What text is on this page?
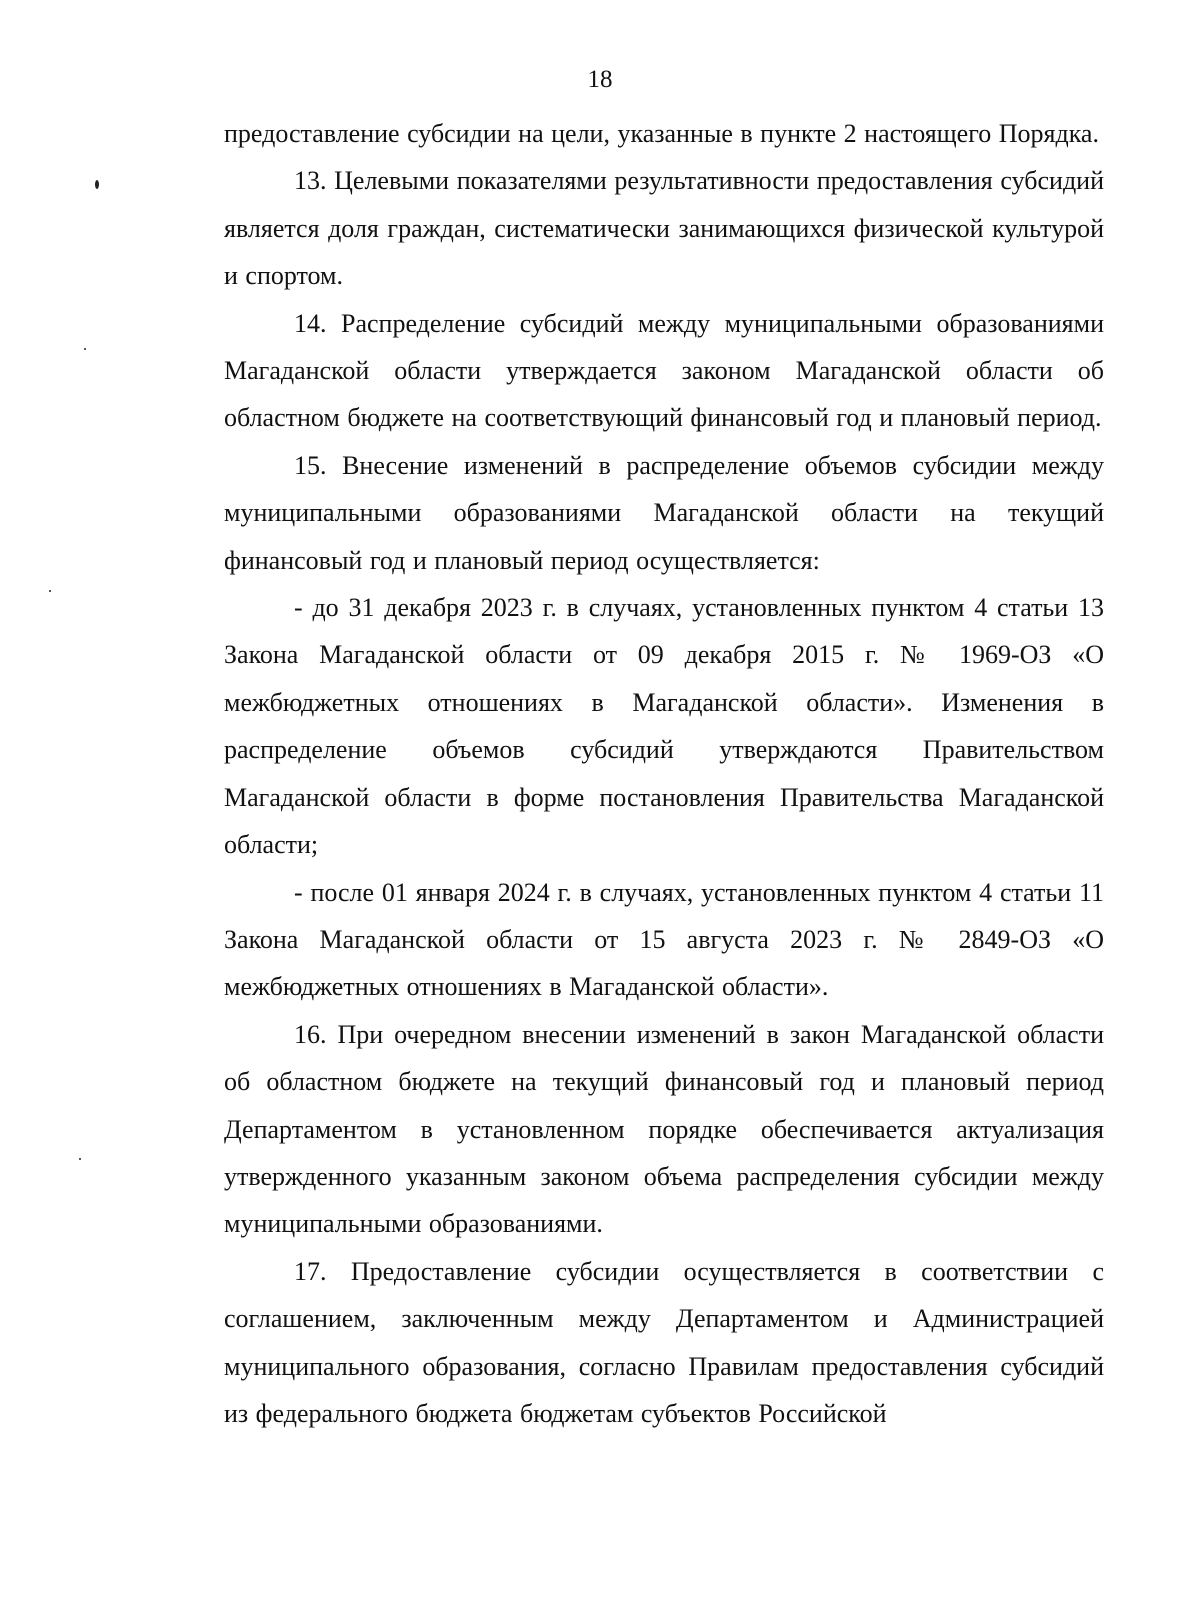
18

предоставление субсидии на цели, указанные в пункте 2 настоящего Порядка.

13. Целевыми показателями результативности предоставления субсидий является доля граждан, систематически занимающихся физической культурой и спортом.

14. Распределение субсидий между муниципальными образованиями Магаданской области утверждается законом Магаданской области об областном бюджете на соответствующий финансовый год и плановый период.

15. Внесение изменений в распределение объемов субсидии между муниципальными образованиями Магаданской области на текущий финансовый год и плановый период осуществляется:

- до 31 декабря 2023 г. в случаях, установленных пунктом 4 статьи 13 Закона Магаданской области от 09 декабря 2015 г. № 1969-ОЗ «О межбюджетных отношениях в Магаданской области». Изменения в распределение объемов субсидий утверждаются Правительством Магаданской области в форме постановления Правительства Магаданской области;

- после 01 января 2024 г. в случаях, установленных пунктом 4 статьи 11 Закона Магаданской области от 15 августа 2023 г. № 2849-ОЗ «О межбюджетных отношениях в Магаданской области».

16. При очередном внесении изменений в закон Магаданской области об областном бюджете на текущий финансовый год и плановый период Департаментом в установленном порядке обеспечивается актуализация утвержденного указанным законом объема распределения субсидии между муниципальными образованиями.

17. Предоставление субсидии осуществляется в соответствии с соглашением, заключенным между Департаментом и Администрацией муниципального образования, согласно Правилам предоставления субсидий из федерального бюджета бюджетам субъектов Российской
